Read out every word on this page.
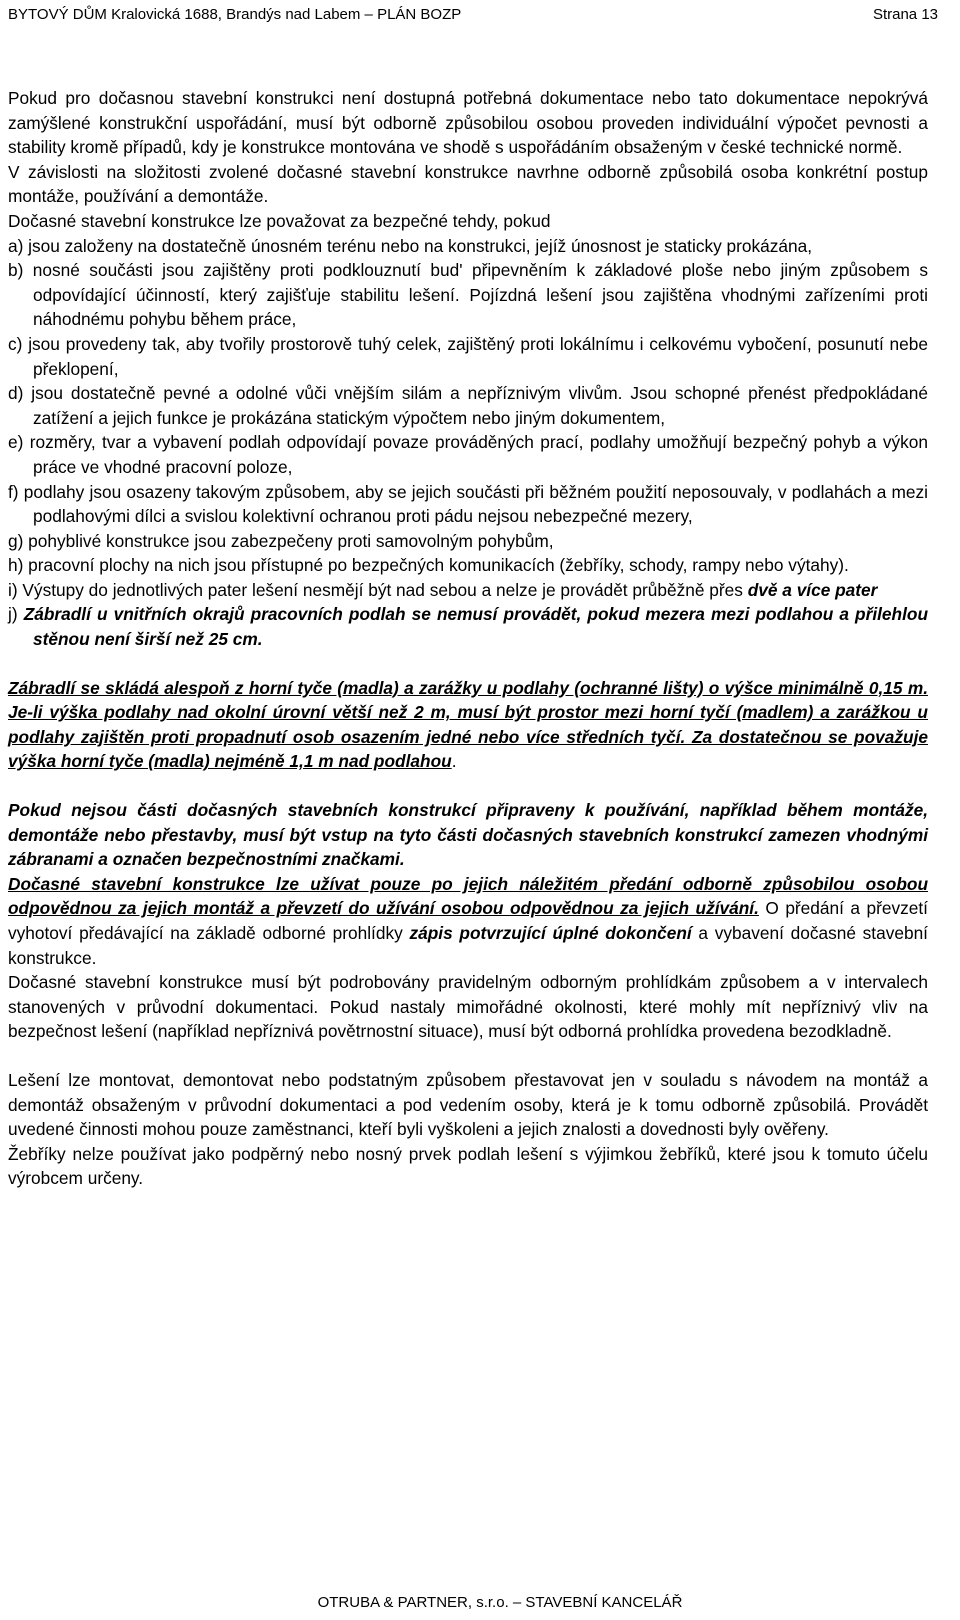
BYTOVÝ DŮM Kralovická 1688, Brandýs nad Labem – PLÁN BOZP	Strana 13

Pokud pro dočasnou stavební konstrukci není dostupná potřebná dokumentace nebo tato dokumentace nepokrývá zamýšlené konstrukční uspořádání, musí být odborně způsobilou osobou proveden individuální výpočet pevnosti a stability kromě případů, kdy je konstrukce montována ve shodě s uspořádáním obsaženým v české technické normě.

V závislosti na složitosti zvolené dočasné stavební konstrukce navrhne odborně způsobilá osoba konkrétní postup montáže, používání a demontáže.

Dočasné stavební konstrukce lze považovat za bezpečné tehdy, pokud

a) jsou založeny na dostatečně únosném terénu nebo na konstrukci, jejíž únosnost je staticky prokázána,

b) nosné součásti jsou zajištěny proti podklouznutí bud' připevněním k základové ploše nebo jiným způsobem s odpovídající účinností, který zajišťuje stabilitu lešení. Pojízdná lešení jsou zajištěna vhodnými zařízeními proti náhodnému pohybu během práce,

c) jsou provedeny tak, aby tvořily prostorově tuhý celek, zajištěný proti lokálnímu i celkovému vybočení, posunutí nebe překlopení,

d) jsou dostatečně pevné a odolné vůči vnějším silám a nepříznivým vlivům. Jsou schopné přenést předpokládané zatížení a jejich funkce je prokázána statickým výpočtem nebo jiným dokumentem,

e) rozměry, tvar a vybavení podlah odpovídají povaze prováděných prací, podlahy umožňují bezpečný pohyb a výkon práce ve vhodné pracovní poloze,

f) podlahy jsou osazeny takovým způsobem, aby se jejich součásti při běžném použití neposouvaly, v podlahách a mezi podlahovými dílci a svislou kolektivní ochranou proti pádu nejsou nebezpečné mezery,

g) pohyblivé konstrukce jsou zabezpečeny proti samovolným pohybům,

h) pracovní plochy na nich jsou přístupné po bezpečných komunikacích (žebříky, schody, rampy nebo výtahy).

i) Výstupy do jednotlivých pater lešení nesmějí být nad sebou a nelze je provádět průběžně přes dvě a více pater

j) Zábradlí u vnitřních okrajů pracovních podlah se nemusí provádět, pokud mezera mezi podlahou a přilehlou stěnou není širší než 25 cm.

Zábradlí se skládá alespoň z horní tyče (madla) a zarážky u podlahy (ochranné lišty) o výšce minimálně 0,15 m. Je-li výška podlahy nad okolní úrovní větší než 2 m, musí být prostor mezi horní tyčí (madlem) a zarážkou u podlahy zajištěn proti propadnutí osob osazením jedné nebo více středních tyčí. Za dostatečnou se považuje výška horní tyče (madla) nejméně 1,1 m nad podlahou.

Pokud nejsou části dočasných stavebních konstrukcí připraveny k používání, například během montáže, demontáže nebo přestavby, musí být vstup na tyto části dočasných stavebních konstrukcí zamezen vhodnými zábranami a označen bezpečnostními značkami.

Dočasné stavební konstrukce lze užívat pouze po jejich náležitém předání odborně způsobilou osobou odpovědnou za jejich montáž a převzetí do užívání osobou odpovědnou za jejich užívání. O předání a převzetí vyhotoví předávající na základě odborné prohlídky zápis potvrzující úplné dokončení a vybavení dočasné stavební konstrukce.

Dočasné stavební konstrukce musí být podrobovány pravidelným odborným prohlídkám způsobem a v intervalech stanovených v průvodní dokumentaci. Pokud nastaly mimořádné okolnosti, které mohly mít nepříznivý vliv na bezpečnost lešení (například nepříznivá povětrnostní situace), musí být odborná prohlídka provedena bezodkladně.

Lešení lze montovat, demontovat nebo podstatným způsobem přestavovat jen v souladu s návodem na montáž a demontáž obsaženým v průvodní dokumentaci a pod vedením osoby, která je k tomu odborně způsobilá. Provádět uvedené činnosti mohou pouze zaměstnanci, kteří byli vyškoleni a jejich znalosti a dovednosti byly ověřeny.

Žebříky nelze používat jako podpěrný nebo nosný prvek podlah lešení s výjimkou žebříků, které jsou k tomuto účelu výrobcem určeny.

OTRUBA & PARTNER, s.r.o. – STAVEBNÍ KANCELÁŘ
